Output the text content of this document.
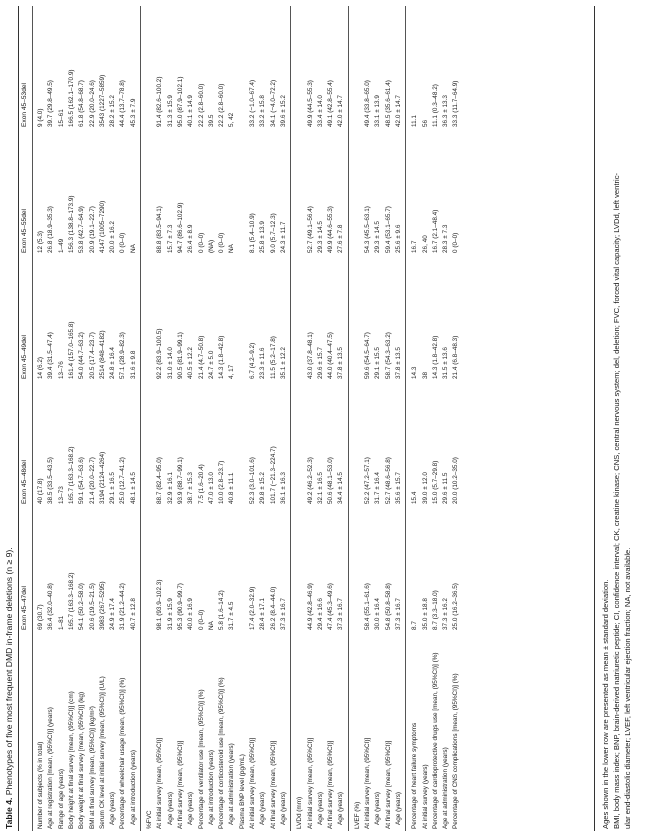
Table 4. Phenotypes of five most frequent DMD in-frame deletions (n ≥ 9). Exon 45–47del
Exon 45–48del
Exon 45–49del
Exon 45–55del
Exon 45–53del
Number of subjects (% in total)
69 (30.7)
40 (17.8)
14 (6.2)
12 (5.3)
9 (4.0)
Age at registration [mean, (95%CI)] (years)
36.4 (32.0–40.8)
38.5 (33.5–43.5)
39.4 (31.5–47.4)
26.8 (18.9–35.3)
39.7 (29.8–49.5)
Range of age (years)
1–81
13–73
13–76
1–49
15–61
Body height at final survey [mean, (95%CI)] (cm)
165.7 (163.3–168.2)
165.7 (163.3–168.2)
161.4 (157.0–165.8)
156.3 (138.8–173.9)
166.5 (162.1–170.9)
Body weight at final survey [mean, (95%CI)] (kg)
54.1 (50.2–58.0)
59.1 (54.7–63.6)
54.0 (44.7–63.2)
53.8 (42.7–64.9)
61.8 (54.8–68.7)
BMI at final survey [mean, (95%CI)] (kg/m²)
20.6 (19.5–21.5)
21.4 (20.0–22.7)
20.5 (17.4–23.7)
20.9 (19.1–22.7)
22.9 (20.0–24.6)
Serum CK level at initial survey [mean, (95%CI)] (U/L)
3983 (267–5295)
3194 (2124–4264)
2514 (848–4182)
4147 (1005–7290)
3543 (1227–5859)
Age (years)
24.9 ± 17.4
29.1 ± 16.5
24.8 ± 16.4
20.0 ± 16.2
28.2 ± 15.2
Percentage of wheelchair usage [mean, (95%CI)] (%)
31.9 (21.2–44.2)
25.0 (12.7–41.2)
57.1 (28.9–82.3)
0 (0–0)
44.4 (13.7–78.8)
Age at introduction (years)
40.7 ± 12.8
48.1 ± 14.5
31.6 ± 9.8
NA
45.3 ± 7.9
%FVC At initial survey [mean, (95%CI)]
98.1 (93.9–102.3)
88.7 (82.4–95.0)
92.2 (83.9–100.5)
88.8 (83.5–94.1)
91.4 (82.6–100.2)
Age (years)
31.9 ± 15.9
32.9 ± 16.1
31.0 ± 14.0
15.7 ± 7.3
31.3 ± 15.9
At final survey [mean, (95%CI)]
95.3 (90.9–99.7)
93.9 (88.7–99.1)
90.5 (81.9–99.1)
94.7 (86.6–102.9)
95.0 (87.9–102.1)
Age (years)
40.0 ± 16.9
38.7 ± 15.3
40.5 ± 12.2
26.4 ± 8.9
40.1 ± 14.9
Percentage of ventilator use [mean, (95%CI)] (%)
0 (0–0)
7.5 (1.6–20.4)
21.4 (4.7–50.8)
0 (0–0)
22.2 (2.8–60.0)
Age at introduction (years)
NA
47.0 ± 13.0
24.7 ± 5.0
(NA)
39.5
Percentage of corticosteroid use [mean, (95%CI)] (%)
5.8 (1.6–14.2)
10.0 (2.8–23.7)
14.3 (1.8–42.8)
0 (0–0)
22.2 (2.8–60.0)
Age at administration (years)
31.7 ± 4.5
40.8 ± 11.1
4, 17
NA
5, 42
Plasma BNP level (pg/mL) At initial survey [mean, (95%CI)]
17.4 (2.0–32.9)
52.3 (3.0–101.6)
6.7 (4.2–9.2)
8.1 (5.4–10.9)
33.2 (−1.0–67.4)
Age (years)
28.4 ± 17.1
29.8 ± 15.2
23.3 ± 11.6
25.8 ± 13.9
33.2 ± 15.8
At final survey [mean, (95%CI)]
26.2 (8.4–44.0)
101.7 (−21.3–224.7)
11.5 (5.2–17.8)
9.0 (5.7–12.3)
34.1 (−4.0–72.2)
Age (years)
37.3 ± 16.7
36.1 ± 16.3
35.1 ± 12.2
24.3 ± 11.7
39.6 ± 15.2
LVDd (mm) At initial survey [mean, (95%CI)]
44.9 (42.8–46.9)
49.2 (46.2–52.3)
43.0 (37.8–48.1)
52.7 (49.1–56.4)
49.9 (44.5–55.3)
Age (years)
29.4 ± 16.6
32.1 ± 16.5
29.6 ± 15.7
29.3 ± 14.5
33.4 ± 14.0
At final survey [mean, (95%CI)]
47.4 (45.3–49.6)
50.6 (48.1–53.0)
44.0 (40.4–47.5)
49.9 (44.6–55.3)
49.1 (42.8–55.4)
Age (years)
37.3 ± 16.7
34.4 ± 14.5
37.8 ± 13.5
27.6 ± 7.8
42.0 ± 14.7
LVEF (%) At initial survey [mean, (95%CI)]
58.4 (55.1–61.6)
52.2 (47.2–57.1)
59.6 (54.5–64.7)
54.3 (45.5–63.1)
49.4 (33.8–65.0)
Age (years)
30.0 ± 16.4
31.7 ± 16.4
29.1 ± 15.5
29.3 ± 14.5
33.1 ± 13.9
At final survey [mean, (95%CI)]
54.8 (50.8–58.8)
52.7 (48.6–56.8)
58.7 (54.3–63.2)
59.4 (53.1–65.7)
48.5 (35.6–61.4)
Age (years)
37.3 ± 16.7
35.6 ± 15.7
37.8 ± 13.5
25.6 ± 9.6
42.0 ± 14.7
Percentage of heart failure symptoms
8.7
15.4
14.3
16.7
11.1
At initial survey (years)
35.0 ± 18.8
39.0 ± 12.0
38
26, 40
56
Percentage of cardioprotective drugs use [mean, (95%CI)] (%)
8.7 (3.3–18.0)
15.0 (5.7–29.8)
14.3 (1.8–42.8)
16.7 (2.1–48.4)
11.1 (0.3–48.2)
Age at administration (years)
37.3 ± 16.2
29.6 ± 11.5
31.5 ± 13.6
28.3 ± 7.3
36.3 ± 13.3
Percentage of CNS complications [mean, (95%CI)] (%)
25.0 (16.2–36.5)
20.0 (10.2–35.0)
21.4 (6.8–48.3)
0 (0–0)
33.3 (11.7–64.9)
Ages shown in the lower row are presented as mean ± standard deviation. BMI, body mass index; BNP, brain-derived natriuretic peptide; CI, confidence interval; CK, creatine kinase; CNS, central nervous system; del, deletion; FVC, forced vital capacity; LVDd, left ventric- ular end-diastolic diameter; LVEF, left ventricular ejection fraction; NA, not available.
